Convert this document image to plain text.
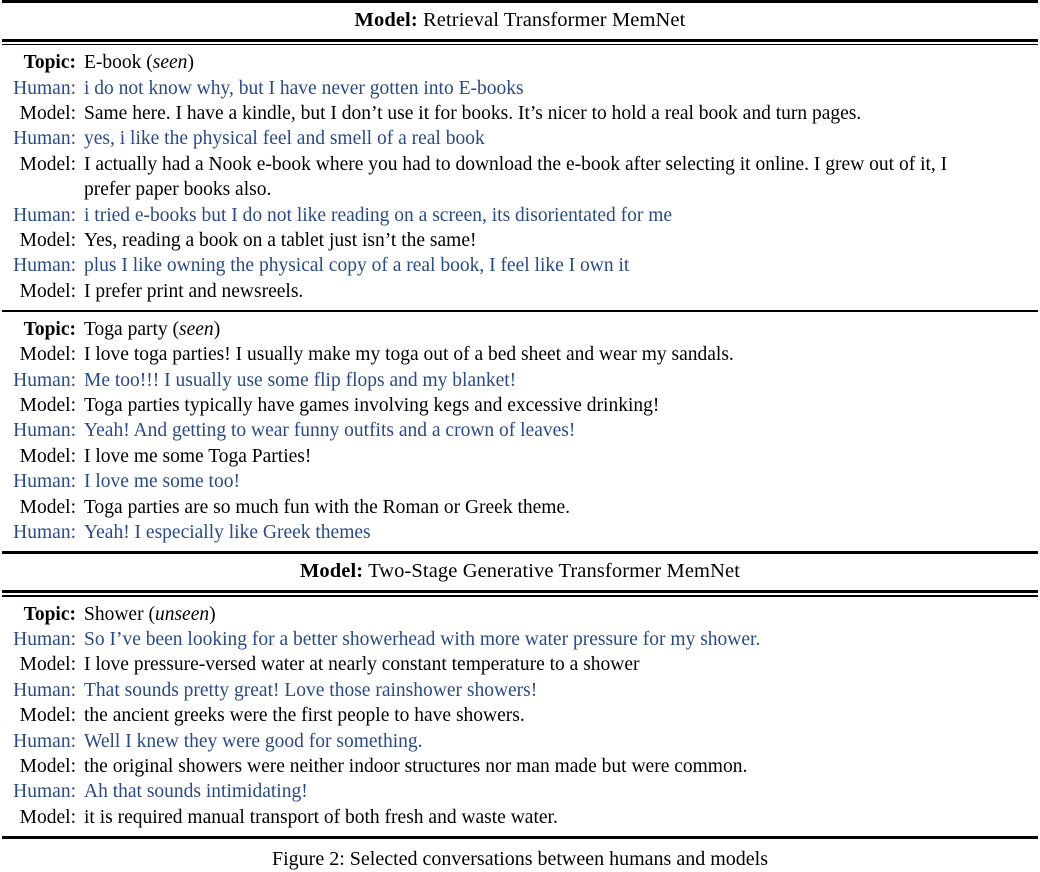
Model: Retrieval Transformer MemNet
Topic: E-book (seen)
Human: i do not know why, but I have never gotten into E-books
Model: Same here. I have a kindle, but I don’t use it for books. It’s nicer to hold a real book and turn pages.
Human: yes, i like the physical feel and smell of a real book
Model: I actually had a Nook e-book where you had to download the e-book after selecting it online. I grew out of it, I prefer paper books also.
Human: i tried e-books but I do not like reading on a screen, its disorientated for me
Model: Yes, reading a book on a tablet just isn’t the same!
Human: plus I like owning the physical copy of a real book, I feel like I own it
Model: I prefer print and newsreels.
Topic: Toga party (seen)
Model: I love toga parties! I usually make my toga out of a bed sheet and wear my sandals.
Human: Me too!!! I usually use some flip flops and my blanket!
Model: Toga parties typically have games involving kegs and excessive drinking!
Human: Yeah! And getting to wear funny outfits and a crown of leaves!
Model: I love me some Toga Parties!
Human: I love me some too!
Model: Toga parties are so much fun with the Roman or Greek theme.
Human: Yeah! I especially like Greek themes
Model: Two-Stage Generative Transformer MemNet
Topic: Shower (unseen)
Human: So I’ve been looking for a better showerhead with more water pressure for my shower.
Model: I love pressure-versed water at nearly constant temperature to a shower
Human: That sounds pretty great! Love those rainshower showers!
Model: the ancient greeks were the first people to have showers.
Human: Well I knew they were good for something.
Model: the original showers were neither indoor structures nor man made but were common.
Human: Ah that sounds intimidating!
Model: it is required manual transport of both fresh and waste water.
Figure 2: Selected conversations between humans and models
